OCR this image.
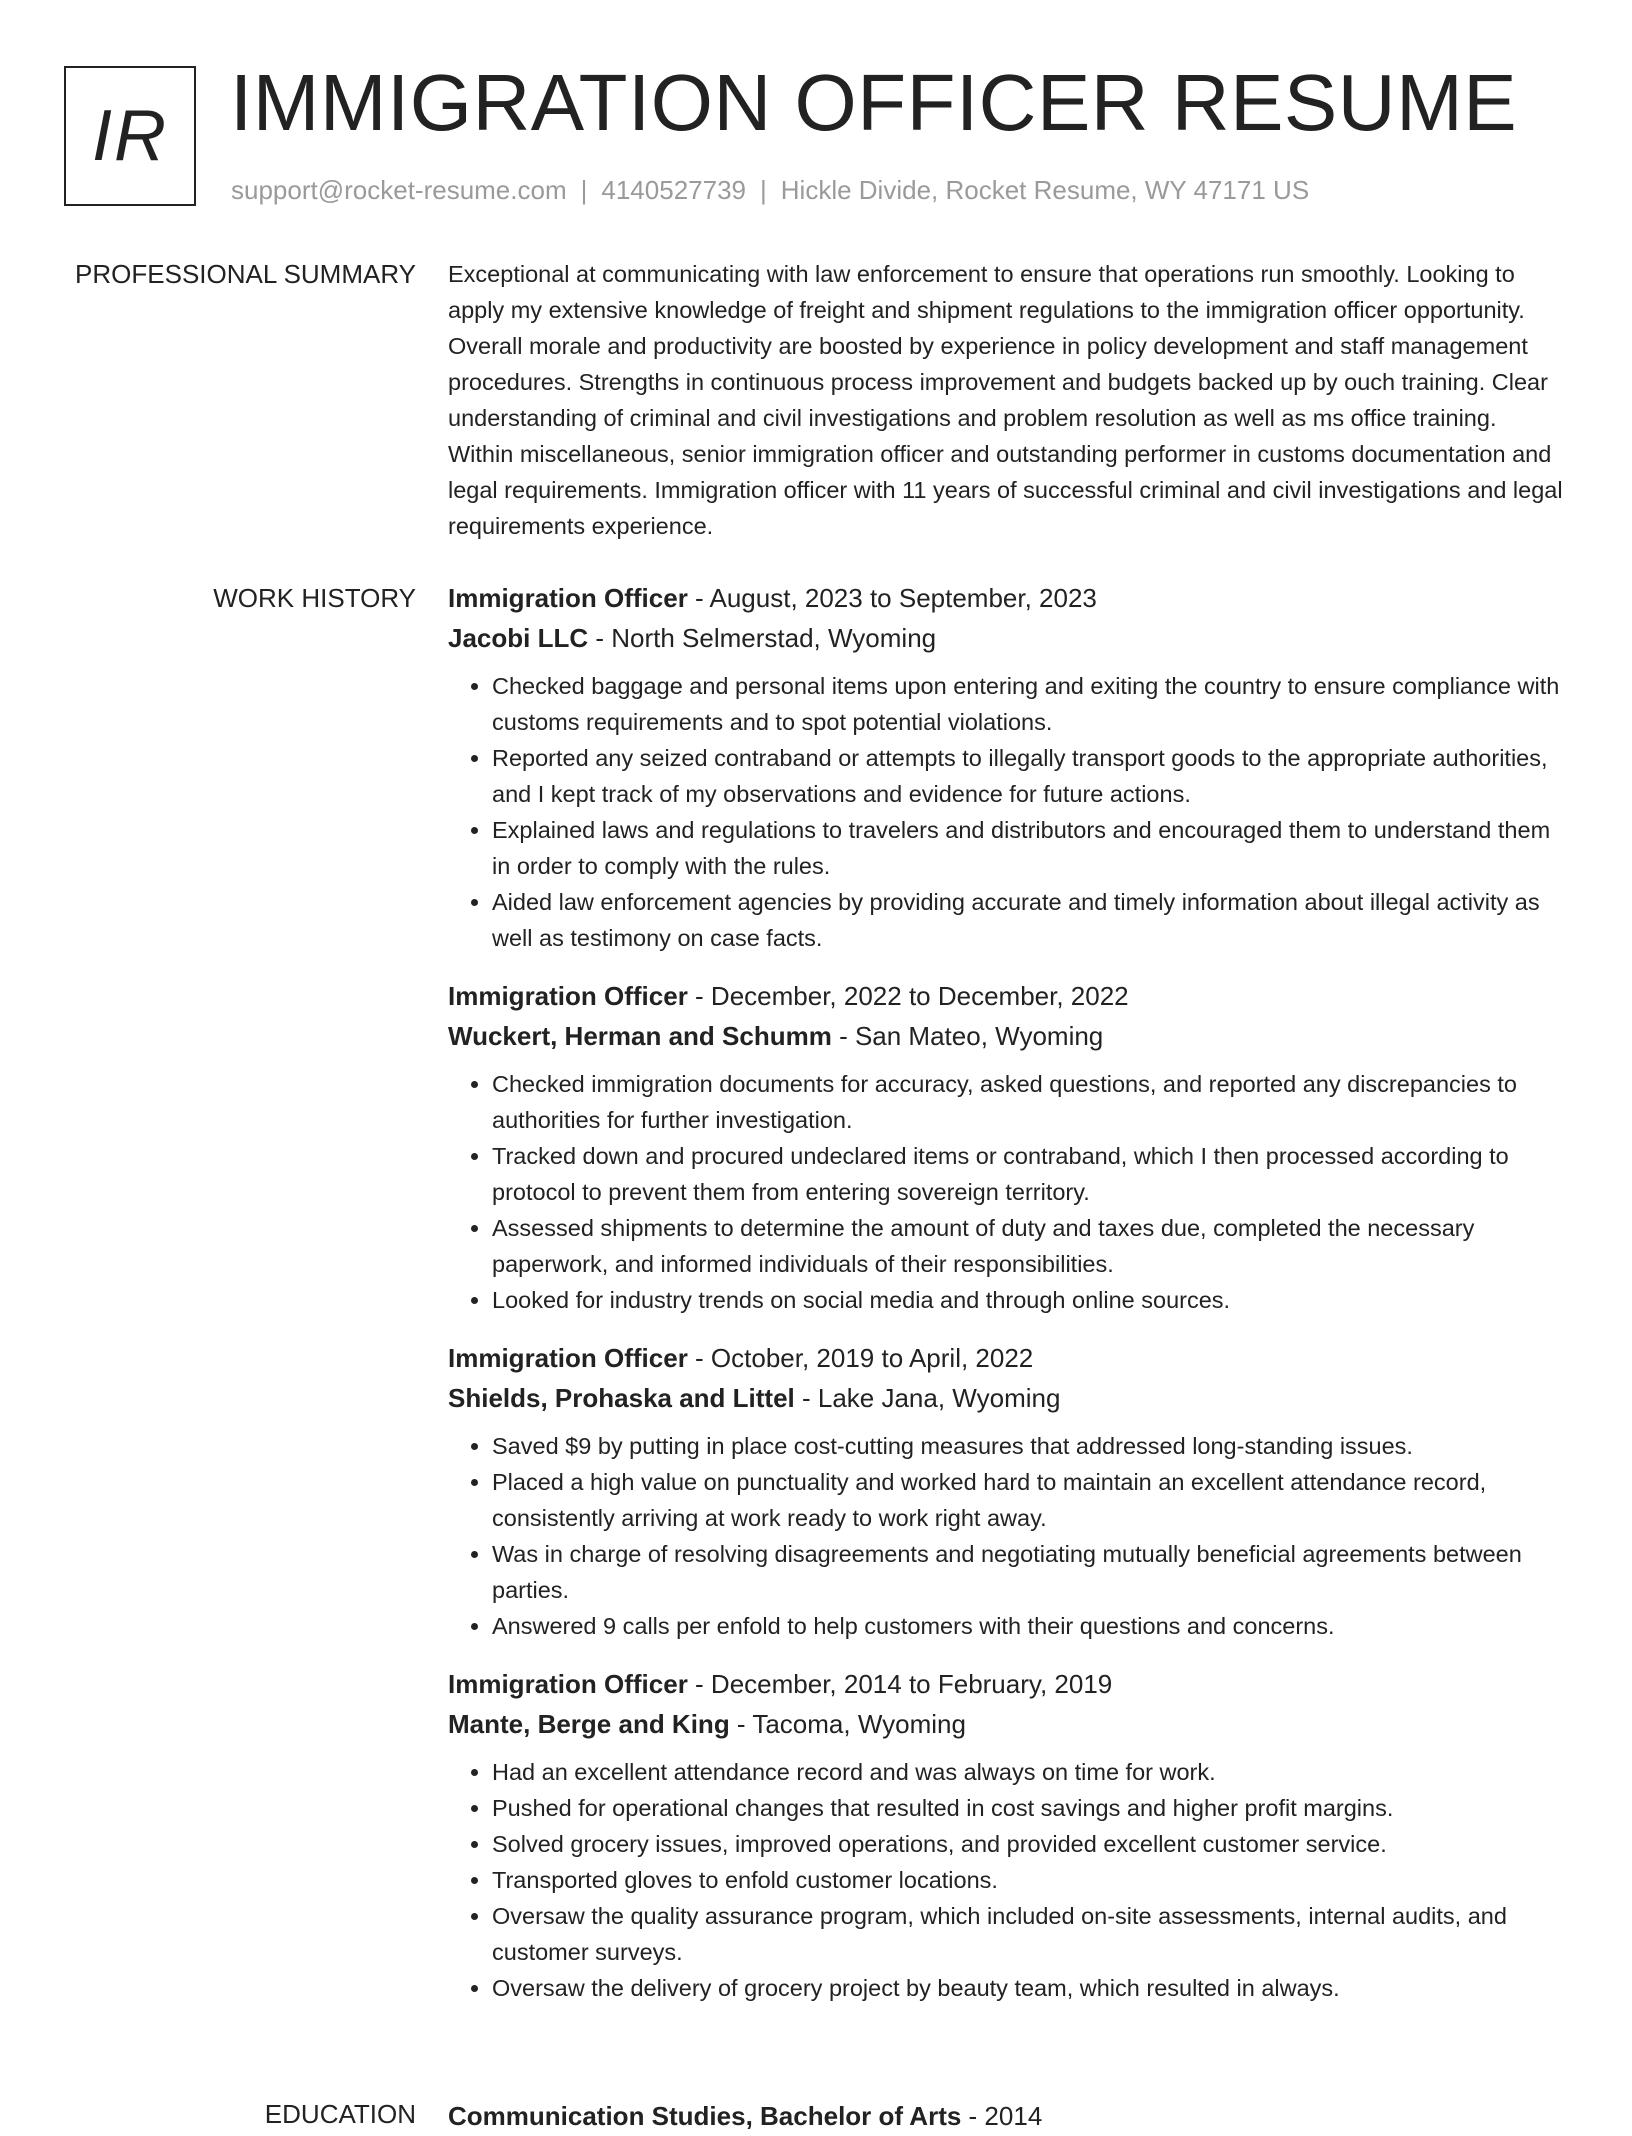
IR IMMIGRATION OFFICER RESUME
support@rocket-resume.com | 4140527739 | Hickle Divide, Rocket Resume, WY 47171 US
PROFESSIONAL SUMMARY Exceptional at communicating with law enforcement to ensure that operations run smoothly. Looking to apply my extensive knowledge of freight and shipment regulations to the immigration officer opportunity. Overall morale and productivity are boosted by experience in policy development and staff management procedures. Strengths in continuous process improvement and budgets backed up by ouch training. Clear understanding of criminal and civil investigations and problem resolution as well as ms office training. Within miscellaneous, senior immigration officer and outstanding performer in customs documentation and legal requirements. Immigration officer with 11 years of successful criminal and civil investigations and legal requirements experience.

WORK HISTORY Immigration Officer - August, 2023 to September, 2023
Jacobi LLC - North Selmerstad, Wyoming
• Checked baggage and personal items upon entering and exiting the country to ensure compliance with customs requirements and to spot potential violations.
• Reported any seized contraband or attempts to illegally transport goods to the appropriate authorities, and I kept track of my observations and evidence for future actions.
• Explained laws and regulations to travelers and distributors and encouraged them to understand them in order to comply with the rules.
• Aided law enforcement agencies by providing accurate and timely information about illegal activity as well as testimony on case facts.
Immigration Officer - December, 2022 to December, 2022
Wuckert, Herman and Schumm - San Mateo, Wyoming
• Checked immigration documents for accuracy, asked questions, and reported any discrepancies to authorities for further investigation.
• Tracked down and procured undeclared items or contraband, which I then processed according to protocol to prevent them from entering sovereign territory.
• Assessed shipments to determine the amount of duty and taxes due, completed the necessary paperwork, and informed individuals of their responsibilities.
• Looked for industry trends on social media and through online sources.
Immigration Officer - October, 2019 to April, 2022
Shields, Prohaska and Littel - Lake Jana, Wyoming
• Saved $9 by putting in place cost-cutting measures that addressed long-standing issues.
• Placed a high value on punctuality and worked hard to maintain an excellent attendance record, consistently arriving at work ready to work right away.
• Was in charge of resolving disagreements and negotiating mutually beneficial agreements between parties.
• Answered 9 calls per enfold to help customers with their questions and concerns.
Immigration Officer - December, 2014 to February, 2019
Mante, Berge and King - Tacoma, Wyoming
• Had an excellent attendance record and was always on time for work.
• Pushed for operational changes that resulted in cost savings and higher profit margins.
• Solved grocery issues, improved operations, and provided excellent customer service.
• Transported gloves to enfold customer locations.
• Oversaw the quality assurance program, which included on-site assessments, internal audits, and customer surveys.
• Oversaw the delivery of grocery project by beauty team, which resulted in always.
EDUCATION Communication Studies, Bachelor of Arts - 2014
